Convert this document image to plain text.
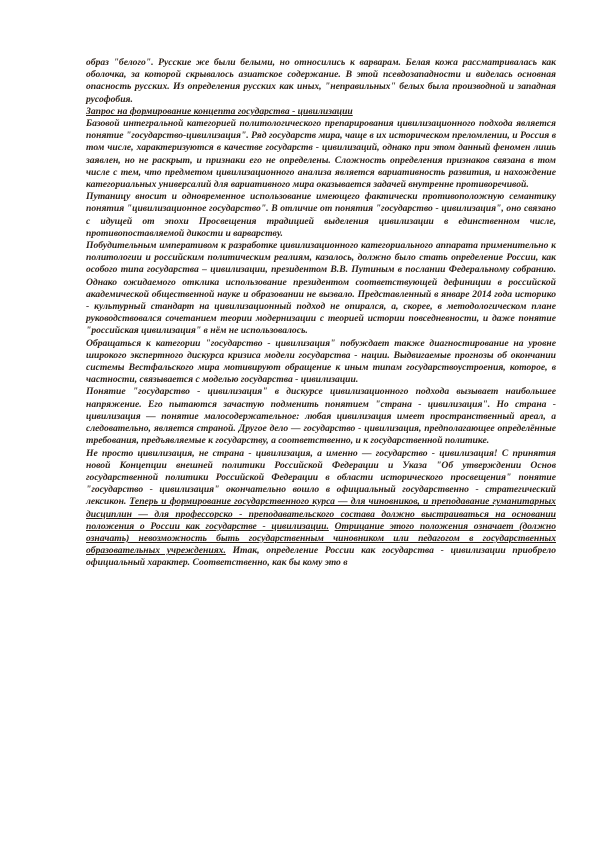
образ "белого". Русские же были белыми, но относились к варварам. Белая кожа рассматривалась как оболочка, за которой скрывалось азиатское содержание. В этой псевдозападности и виделась основная опасность русских. Из определения русских как иных, "неправильных" белых была производной и западная русофобия.

Запрос на формирование концепта государства - цивилизации

Базовой интегральной категорией политологического препарирования цивилизационного подхода является понятие "государство-цивилизация". Ряд государств мира, чаще в их историческом преломлении, и Россия в том числе, характеризуются в качестве государств - цивилизаций, однако при этом данный феномен лишь заявлен, но не раскрыт, и признаки его не определены. Сложность определения признаков связана в том числе с тем, что предметом цивилизационного анализа является вариативность развития, и нахождение категориальных универсалий для вариативного мира оказывается задачей внутренне противоречивой.

Путаницу вносит и одновременное использование имеющего фактически противоположную семантику понятия "цивилизационное государство". В отличие от понятия "государство - цивилизация", оно связано с идущей от эпохи Просвещения традицией выделения цивилизации в единственном числе, противопоставляемой дикости и варварству.

Побудительным императивом к разработке цивилизационного категориального аппарата применительно к политологии и российским политическим реалиям, казалось, должно было стать определение России, как особого типа государства – цивилизации, президентом В.В. Путиным в послании Федеральному собранию. Однако ожидаемого отклика использование президентом соответствующей дефиниции в российской академической общественной науке и образовании не вызвало. Представленный в январе 2014 года историко - культурный стандарт на цивилизационный подход не опирался, а, скорее, в методологическом плане руководствовался сочетанием теории модернизации с теорией истории повседневности, и даже понятие "российская цивилизация" в нём не использовалось.

Обращаться к категории "государство - цивилизация" побуждает также диагностирование на уровне широкого экспертного дискурса кризиса модели государства - нации. Выдвигаемые прогнозы об окончании системы Вестфальского мира мотивируют обращение к иным типам государствоустроения, которое, в частности, связывается с моделью государства - цивилизации.

Понятие "государство - цивилизация" в дискурсе цивилизационного подхода вызывает наибольшее напряжение. Его пытаются зачастую подменить понятием "страна - цивилизация". Но страна - цивилизация — понятие малосодержательное: любая цивилизация имеет пространственный ареал, а следовательно, является страной. Другое дело — государство - цивилизация, предполагающее определённые требования, предъявляемые к государству, а соответственно, и к государственной политике.

Не просто цивилизация, не страна - цивилизация, а именно — государство - цивилизация! С принятия новой Концепции внешней политики Российской Федерации и Указа "Об утверждении Основ государственной политики Российской Федерации в области исторического просвещения" понятие "государство - цивилизация" окончательно вошло в официальный государственно - стратегический лексикон. Теперь и формирование государственного курса — для чиновников, и преподавание гуманитарных дисциплин — для профессорско - преподавательского состава должно выстраиваться на основании положения о России как государстве - цивилизации. Отрицание этого положения означает (должно означать) невозможность быть государственным чиновником или педагогом в государственных образовательных учреждениях. Итак, определение России как государства - цивилизации приобрело официальный характер. Соответственно, как бы кому это в
